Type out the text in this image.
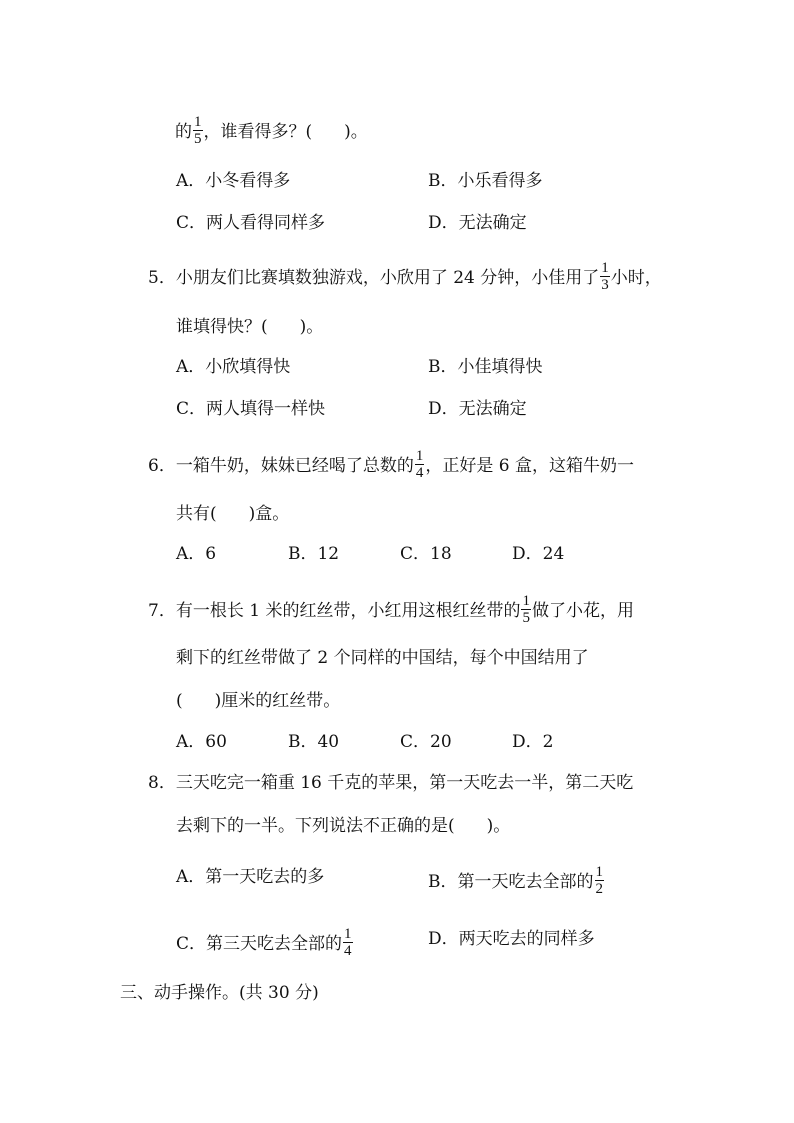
的 $\frac{1}{5}$ ，谁看得多？( )。
A．小冬看得多	B．小乐看得多
C．两人看得同样多	D．无法确定
5．小朋友们比赛填数独游戏，小欣用了 24 分钟，小佳用了 $\frac{1}{3}$ 小时，
谁填得快？( )。
A．小欣填得快	B．小佳填得快
C．两人填得一样快	D．无法确定
6．一箱牛奶，妹妹已经喝了总数的 $\frac{1}{4}$ ，正好是 6 盒，这箱牛奶一
共有( )盒。
A．6	B．12	C．18	D．24
7．有一根长 1 米的红丝带，小红用这根红丝带的 $\frac{1}{5}$ 做了小花，用
剩下的红丝带做了 2 个同样的中国结，每个中国结用了
( )厘米的红丝带。
A．60	B．40	C．20	D．2
8．三天吃完一箱重 16 千克的苹果，第一天吃去一半，第二天吃
去剩下的一半。下列说法不正确的是( )。
A．第一天吃去的多	B．第一天吃去全部的 $\frac{1}{2}$
C．第三天吃去全部的 $\frac{1}{4}$	D．两天吃去的同样多
三、动手操作。(共 30 分)
